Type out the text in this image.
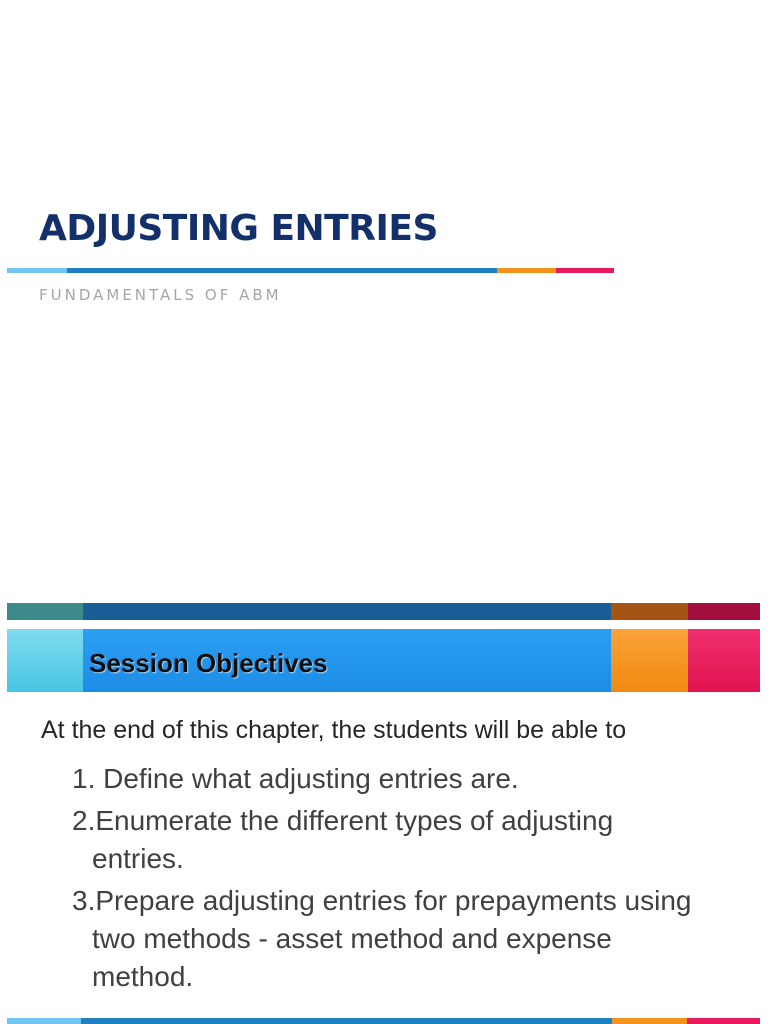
ADJUSTING ENTRIES
FUNDAMENTALS OF ABM
Session Objectives
At the end of this chapter, the students will be able to
1. Define what adjusting entries are.
2.Enumerate the different types of adjusting entries.
3.Prepare adjusting entries for prepayments using two methods - asset method and expense method.
